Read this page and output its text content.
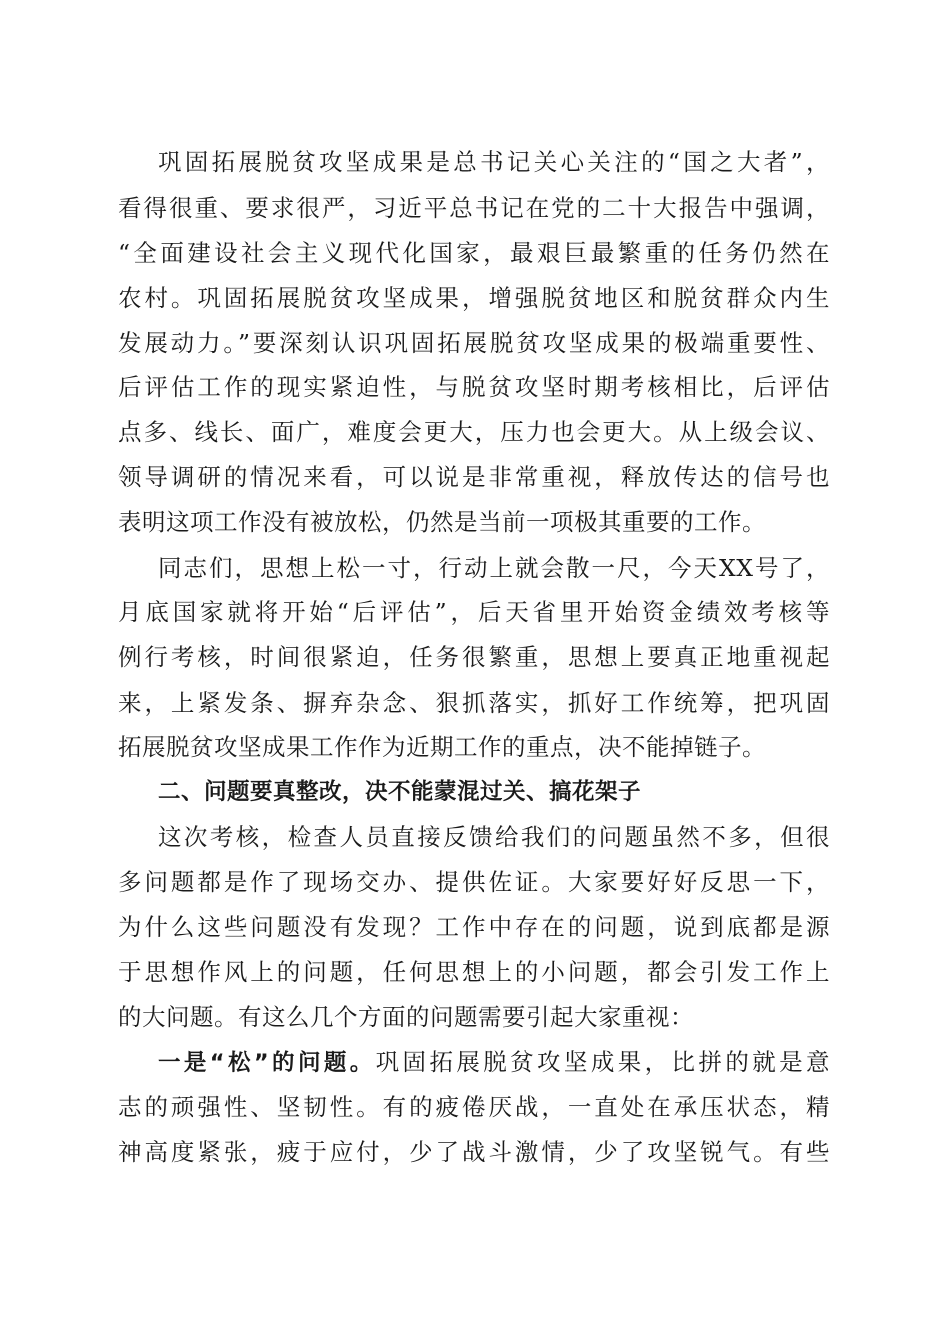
巩固拓展脱贫攻坚成果是总书记关心关注的“国之大者”，
看得很重、要求很严，习近平总书记在党的二十大报告中强调，
“全面建设社会主义现代化国家，最艰巨最繁重的任务仍然在
农村。巩固拓展脱贫攻坚成果，增强脱贫地区和脱贫群众内生
发展动力。”要深刻认识巩固拓展脱贫攻坚成果的极端重要性、
后评估工作的现实紧迫性，与脱贫攻坚时期考核相比，后评估
点多、线长、面广，难度会更大，压力也会更大。从上级会议、
领导调研的情况来看，可以说是非常重视，释放传达的信号也
表明这项工作没有被放松，仍然是当前一项极其重要的工作。
同志们，思想上松一寸，行动上就会散一尺，今天XX号了，
月底国家就将开始“后评估”，后天省里开始资金绩效考核等
例行考核，时间很紧迫，任务很繁重，思想上要真正地重视起
来，上紧发条、摒弃杂念、狠抓落实，抓好工作统筹，把巩固
拓展脱贫攻坚成果工作作为近期工作的重点，决不能掉链子。
二、问题要真整改，决不能蒙混过关、搞花架子
这次考核，检查人员直接反馈给我们的问题虽然不多，但很
多问题都是作了现场交办、提供佐证。大家要好好反思一下，
为什么这些问题没有发现？工作中存在的问题，说到底都是源
于思想作风上的问题，任何思想上的小问题，都会引发工作上
的大问题。有这么几个方面的问题需要引起大家重视：
一是“松”的问题。巩固拓展脱贫攻坚成果，比拼的就是意
志的顽强性、坚韧性。有的疲倦厌战，一直处在承压状态，精
神高度紧张，疲于应付，少了战斗激情，少了攻坚锐气。有些
